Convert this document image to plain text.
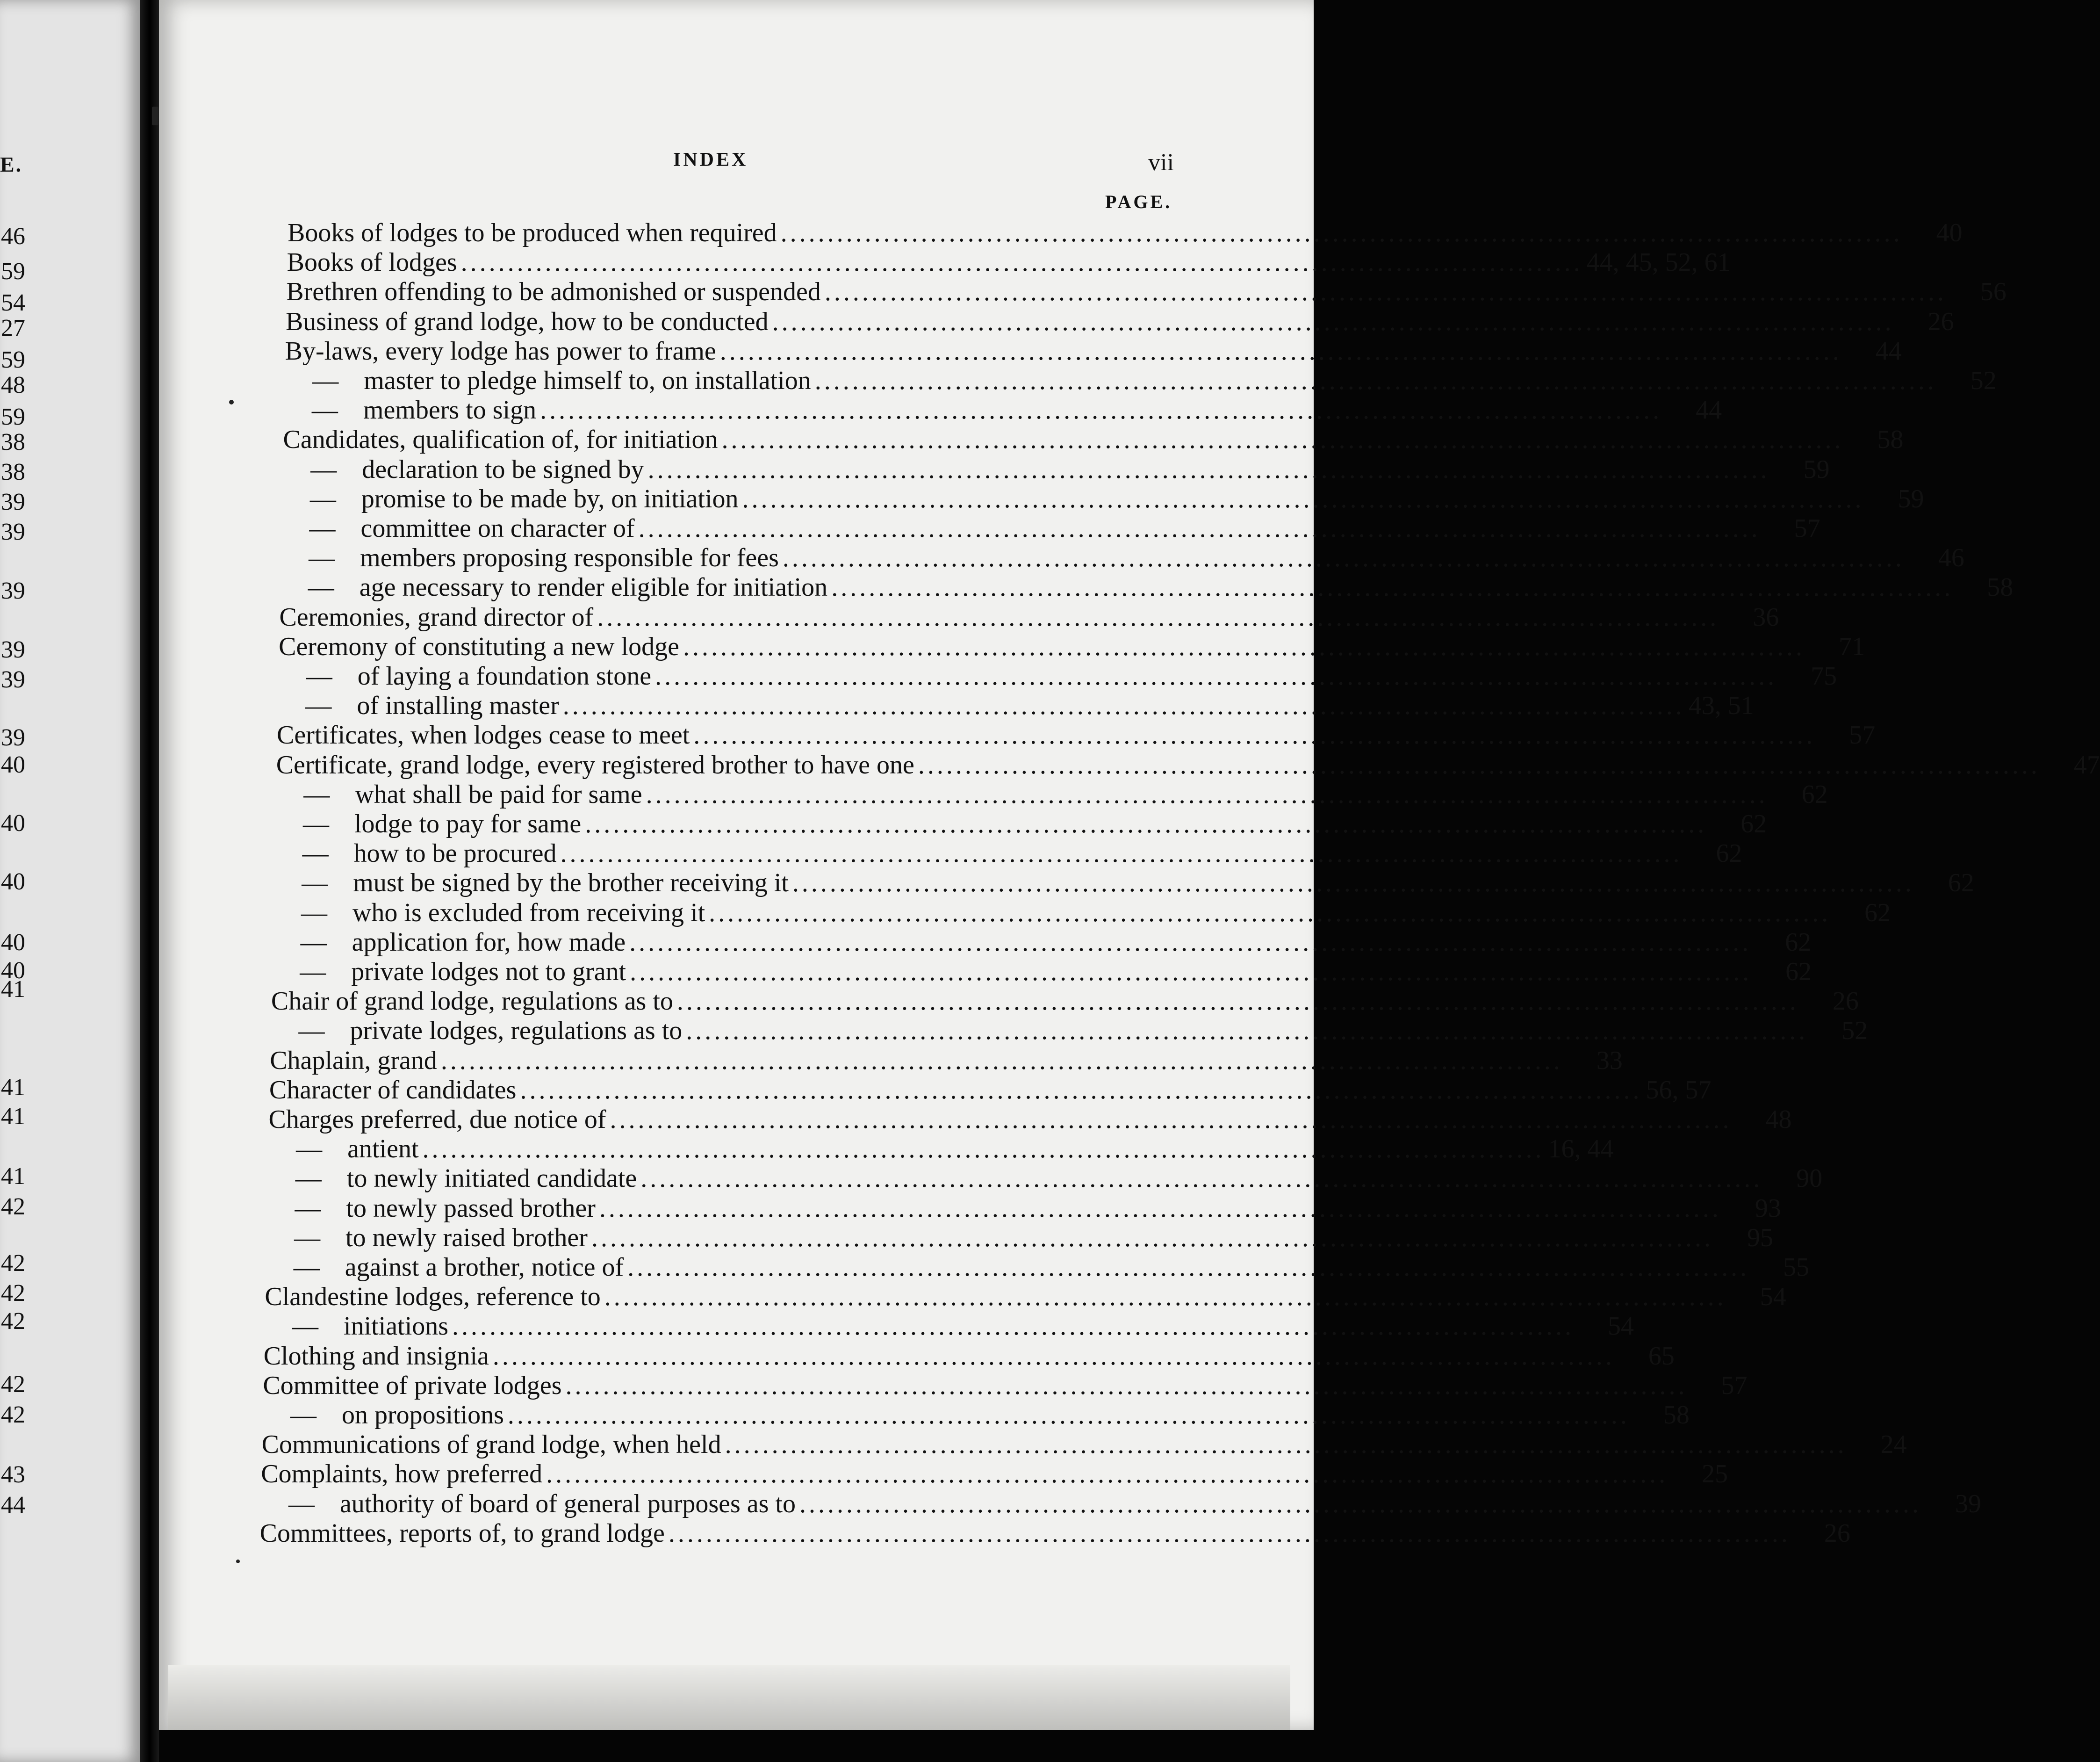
E.
46
59
54
27
59
48
59
38
38
39
39
39
39
39
39
40
40
40
40
40
41
41
41
41
42
42
42
42
42
42
43
44
INDEX	vii
PAGE.
Books of lodges to be produced when required ........................................................................................................................	40
Books of lodges ........................................................................................................................ 44, 45, 52, 61
Brethren offending to be admonished or suspended ........................................................................................................................	56
Business of grand lodge, how to be conducted ........................................................................................................................	26
By-laws, every lodge has power to frame ........................................................................................................................	44
— master to pledge himself to, on installation ........................................................................................................................	52
— members to sign ........................................................................................................................	44
Candidates, qualification of, for initiation ........................................................................................................................	58
— declaration to be signed by ........................................................................................................................	59
— promise to be made by, on initiation ........................................................................................................................	59
— committee on character of ........................................................................................................................	57
— members proposing responsible for fees ........................................................................................................................	46
— age necessary to render eligible for initiation ........................................................................................................................	58
Ceremonies, grand director of ........................................................................................................................	36
Ceremony of constituting a new lodge ........................................................................................................................	71
— of laying a foundation stone ........................................................................................................................	75
— of installing master ........................................................................................................................ 43, 51
Certificates, when lodges cease to meet ........................................................................................................................	57
Certificate, grand lodge, every registered brother to have one ........................................................................................................................	47
— what shall be paid for same ........................................................................................................................	62
— lodge to pay for same ........................................................................................................................	62
— how to be procured ........................................................................................................................	62
— must be signed by the brother receiving it ........................................................................................................................	62
— who is excluded from receiving it ........................................................................................................................	62
— application for, how made ........................................................................................................................	62
— private lodges not to grant ........................................................................................................................	62
Chair of grand lodge, regulations as to ........................................................................................................................	26
— private lodges, regulations as to ........................................................................................................................	52
Chaplain, grand ........................................................................................................................	33
Character of candidates ........................................................................................................................ 56, 57
Charges preferred, due notice of ........................................................................................................................	48
— antient ........................................................................................................................ 16, 44
— to newly initiated candidate ........................................................................................................................	90
— to newly passed brother ........................................................................................................................	93
— to newly raised brother ........................................................................................................................	95
— against a brother, notice of ........................................................................................................................	55
Clandestine lodges, reference to ........................................................................................................................	54
— initiations ........................................................................................................................	54
Clothing and insignia ........................................................................................................................	65
Committee of private lodges ........................................................................................................................	57
— on propositions ........................................................................................................................	58
Communications of grand lodge, when held ........................................................................................................................	24
Complaints, how preferred ........................................................................................................................	25
— authority of board of general purposes as to ........................................................................................................................	39
Committees, reports of, to grand lodge ........................................................................................................................	26
